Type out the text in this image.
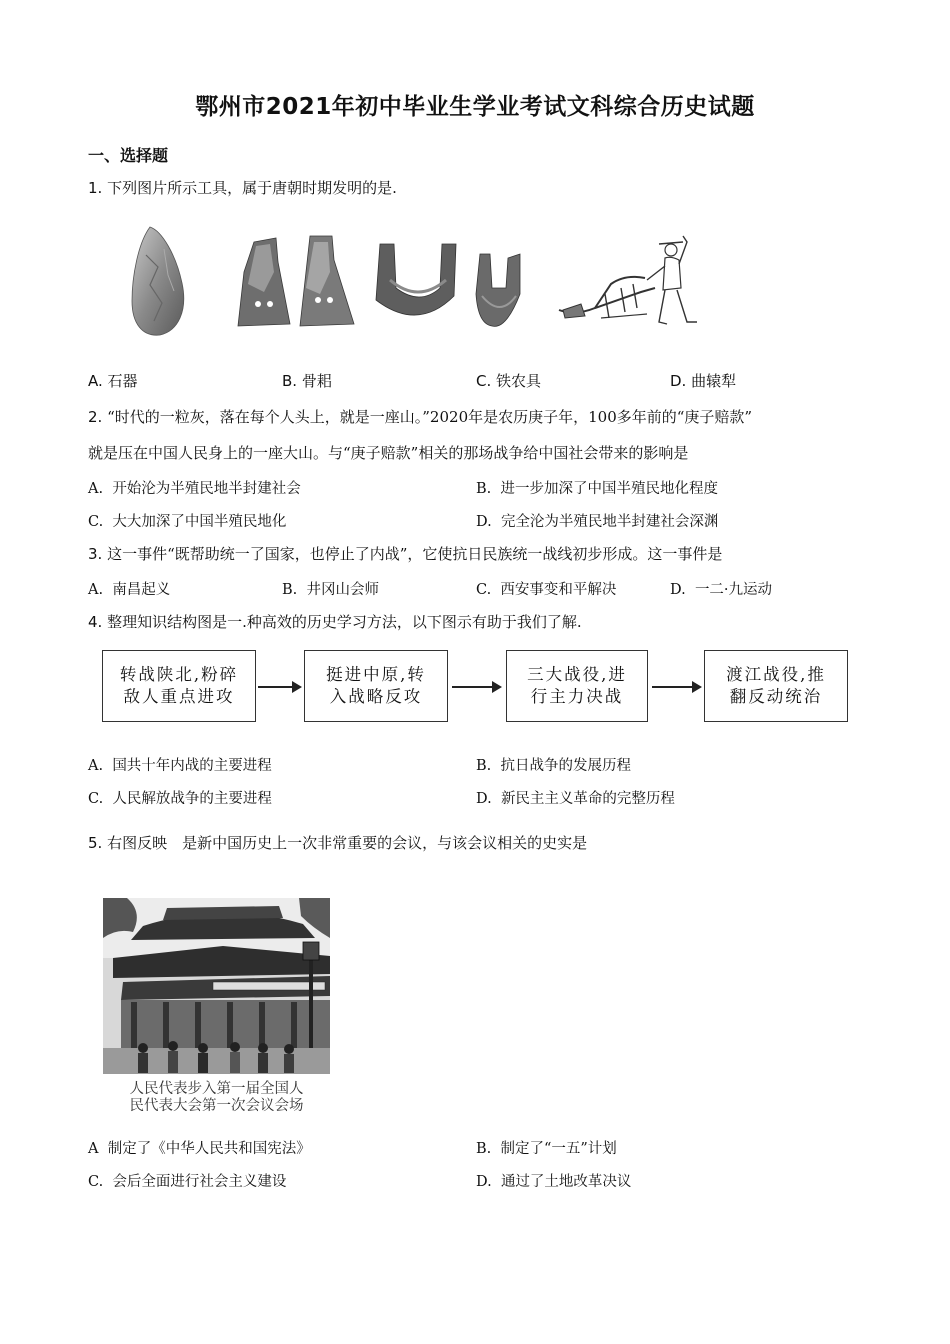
鄂州市2021年初中毕业生学业考试文科综合历史试题
一、选择题
1. 下列图片所示工具，属于唐朝时期发明的是.
A. 石器	B. 骨耜	C. 铁农具	D. 曲辕犁
2. “时代的一粒灰，落在每个人头上，就是一座山。”2020年是农历庚子年，100多年前的“庚子赔款”
就是压在中国人民身上的一座大山。与“庚子赔款”相关的那场战争给中国社会带来的影响是
A. 开始沦为半殖民地半封建社会	B. 进一步加深了中国半殖民地化程度
C. 大大加深了中国半殖民地化	D. 完全沦为半殖民地半封建社会深渊
3. 这一事件“既帮助统一了国家，也停止了内战”，它使抗日民族统一战线初步形成。这一事件是
A. 南昌起义	B. 井冈山会师	C. 西安事变和平解决	D. 一二·九运动
4. 整理知识结构图是一.种高效的历史学习方法，以下图示有助于我们了解.
转战陕北,粉碎
敌人重点进攻
挺进中原,转
入战略反攻
三大战役,进
行主力决战
渡江战役,推
翻反动统治
A. 国共十年内战的主要进程	B. 抗日战争的发展历程
C. 人民解放战争的主要进程	D. 新民主主义革命的完整历程
5. 右图反映　是新中国历史上一次非常重要的会议，与该会议相关的史实是
人民代表步入第一届全国人
民代表大会第一次会议会场
A 制定了《中华人民共和国宪法》	B. 制定了“一五”计划
C. 会后全面进行社会主义建设	D. 通过了土地改革决议
